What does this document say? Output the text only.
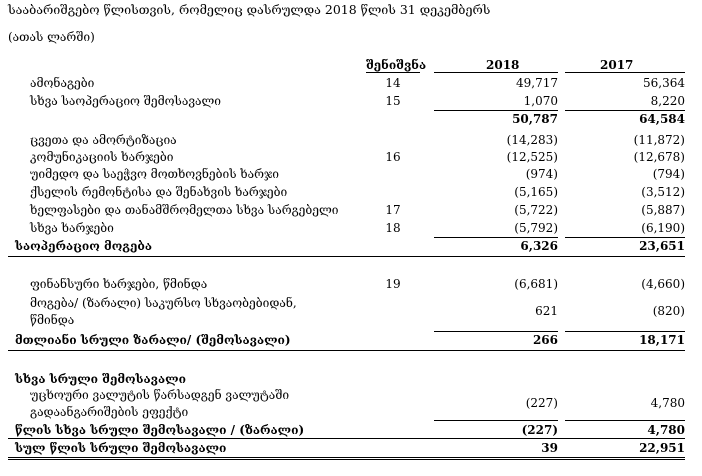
სააბარიშგებო წლისთვის, რომელიც დასრულდა 2018 წლის 31 დეკემბერს
(ათას ლარში)
შენიშვნა	2018	2017
ამონაგები	14	49,717	56,364
სხვა საოპერაციო შემოსავალი	15	1,070	8,220
50,787	64,584
ცვეთა და ამორტიზაცია	(14,283)	(11,872)
კომუნიკაციის ხარჯები	16	(12,525)	(12,678)
უიმედო და საეჭვო მოთხოვნების ხარჯი	(974)	(794)
ქსელის რემონტისა და შენახვის ხარჯები	(5,165)	(3,512)
ხელფასები და თანამშრომელთა სხვა სარგებელი	17	(5,722)	(5,887)
სხვა ხარჯები	18	(5,792)	(6,190)
საოპერაციო მოგება	6,326	23,651
ფინანსური ხარჯები, წმინდა	19	(6,681)	(4,660)
მოგება/ (ზარალი) საკურსო სხვაობებიდან, წმინდა
621	(820)
მთლიანი სრული ზარალი/ (შემოსავალი)	266	18,171
სხვა სრული შემოსავალი
უცხოური ვალუტის წარსადგენ ვალუტაში გადაანგარიშების ეფექტი
(227)	4,780
წლის სხვა სრული შემოსავალი / (ზარალი)	(227)	4,780
სულ წლის სრული შემოსავალი	39	22,951
